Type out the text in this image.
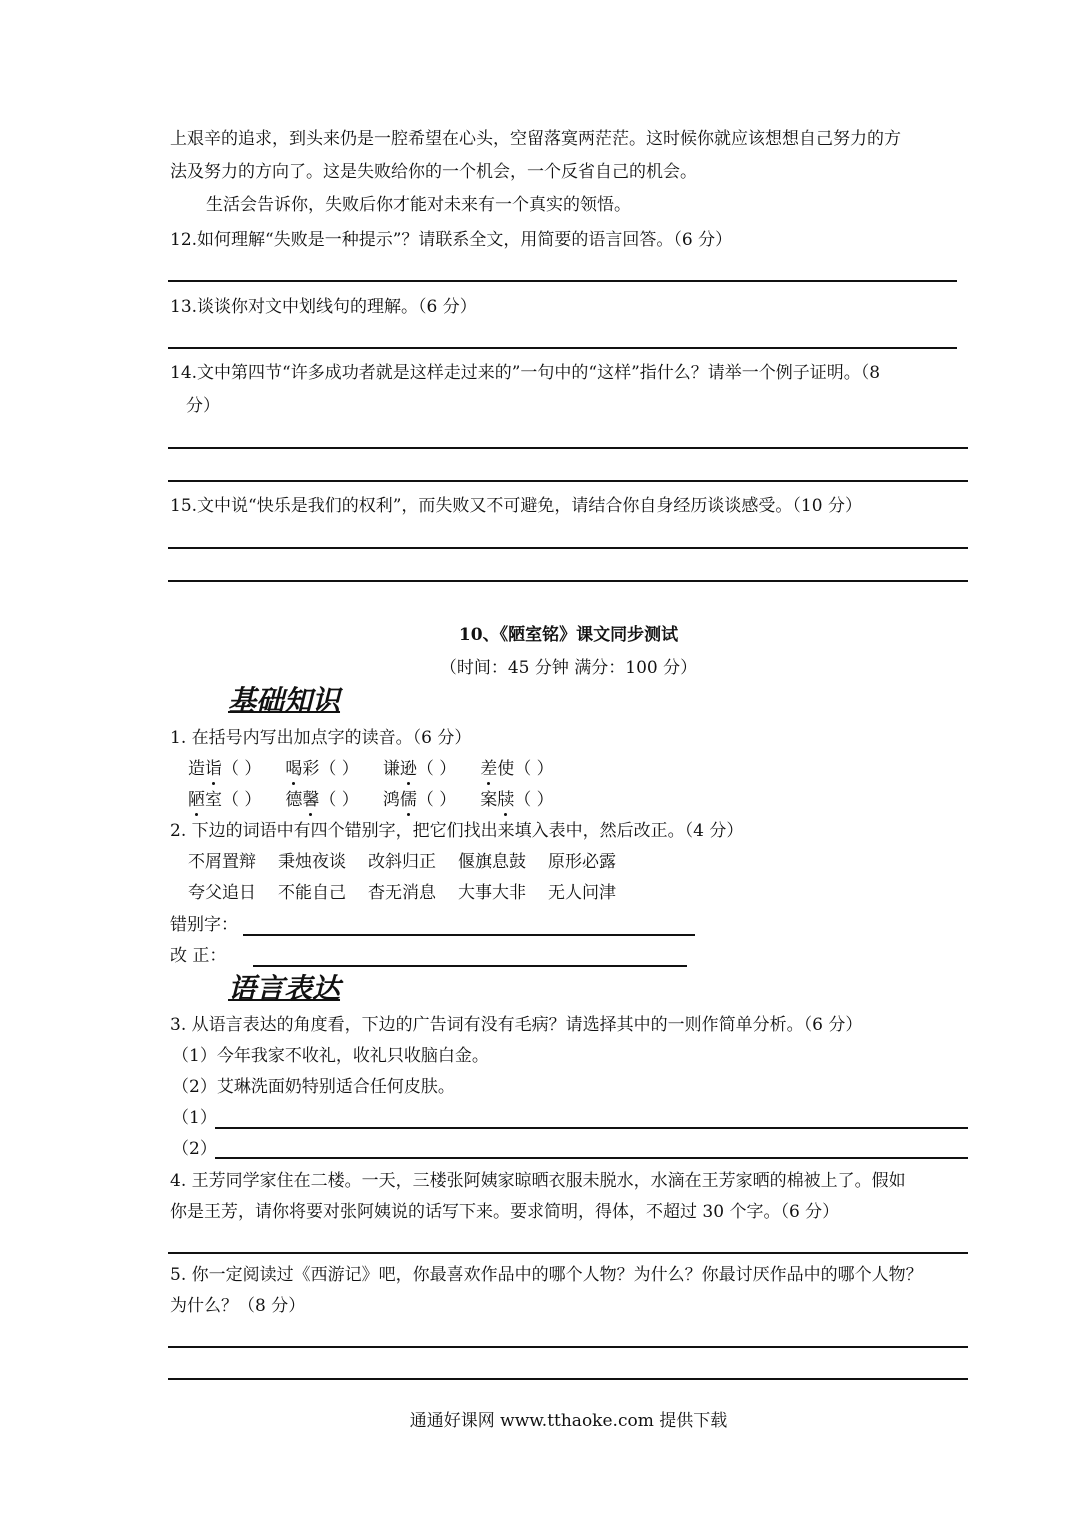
上艰辛的追求，到头来仍是一腔希望在心头，空留落寞两茫茫。这时候你就应该想想自己努力的方
法及努力的方向了。这是失败给你的一个机会，一个反省自己的机会。
生活会告诉你，失败后你才能对未来有一个真实的领悟。
12.如何理解“失败是一种提示”？请联系全文，用简要的语言回答。（6 分）
13.谈谈你对文中划线句的理解。（6 分）
14.文中第四节“许多成功者就是这样走过来的”一句中的“这样”指什么？请举一个例子证明。（8
分）
15.文中说“快乐是我们的权利”，而失败又不可避免，请结合你自身经历谈谈感受。（10 分）
10、《陋室铭》课文同步测试
（时间：45 分钟 满分：100 分）
基础知识
1. 在括号内写出加点字的读音。（6 分）
造诣（ ） 喝彩（ ） 谦逊（ ） 差使（ ）
陋室（ ） 德馨（ ） 鸿儒（ ） 案牍（ ）
2. 下边的词语中有四个错别字，把它们找出来填入表中，然后改正。（4 分）
不屑置辩 秉烛夜谈 改斜归正 偃旗息鼓 原形必露
夸父追日 不能自己 杳无消息 大事大非 无人问津
错别字：
改 正：
语言表达
3. 从语言表达的角度看，下边的广告词有没有毛病？请选择其中的一则作简单分析。（6 分）
（1）今年我家不收礼，收礼只收脑白金。
（2）艾琳洗面奶特别适合任何皮肤。
（1）
（2）
4. 王芳同学家住在二楼。一天，三楼张阿姨家晾晒衣服未脱水，水滴在王芳家晒的棉被上了。假如
你是王芳，请你将要对张阿姨说的话写下来。要求简明，得体，不超过 30 个字。（6 分）
5. 你一定阅读过《西游记》吧，你最喜欢作品中的哪个人物？为什么？你最讨厌作品中的哪个人物？
为什么？（8 分）
通通好课网 www.tthaoke.com 提供下载
